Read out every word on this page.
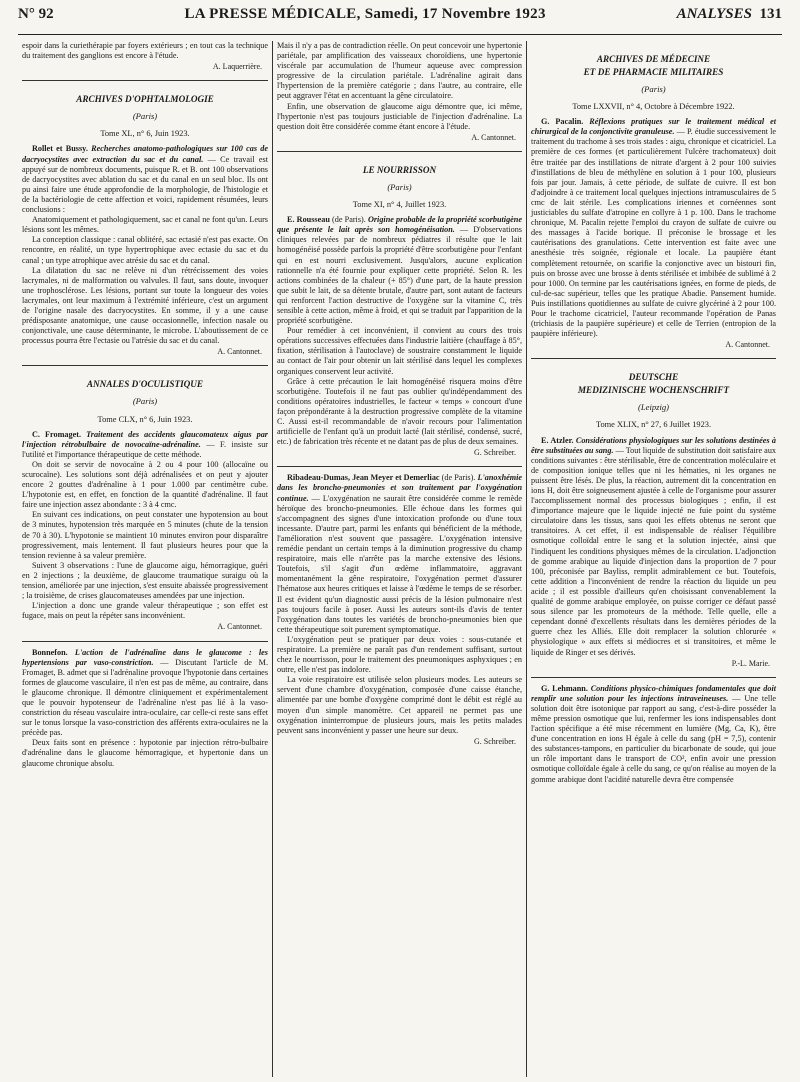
N° 92	LA PRESSE MÉDICALE, Samedi, 17 Novembre 1923	ANALYSES 131

espoir dans la curiethérapie par foyers extérieurs ; en tout cas la technique du traitement des ganglions est encore à l'étude.

A. Laquerrière.
ARCHIVES D'OPHTALMOLOGIE
(Paris)
Tome XL, n° 6, Juin 1923.

Rollet et Bussy. Recherches anatomo-pathologiques sur 100 cas de dacryocystites avec extraction du sac et du canal. — Ce travail est appuyé sur de nombreux documents, puisque R. et B. ont 100 observations de dacryocystites avec ablation du sac et du canal en un seul bloc. Ils ont pu ainsi faire une étude approfondie de la morphologie, de l'histologie et de la bactériologie de cette affection et voici, rapidement résumées, leurs conclusions :

Anatomiquement et pathologiquement, sac et canal ne font qu'un. Leurs lésions sont les mêmes.

La conception classique : canal oblitéré, sac ectasié n'est pas exacte. On rencontre, en réalité, un type hypertrophique avec ectasie du sac et du canal ; un type atrophique avec atrésie du sac et du canal.

La dilatation du sac ne relève ni d'un rétrécissement des voies lacrymales, ni de malformation ou valvules. Il faut, sans doute, invoquer une trophosclérose. Les lésions, portant sur toute la longueur des voies lacrymales, ont leur maximum à l'extrémité inférieure, c'est un argument de l'origine nasale des dacryocystites. En somme, il y a une cause prédisposante anatomique, une cause occasionnelle, infection nasale ou conjonctivale, une cause déterminante, le microbe. L'aboutissement de ce processus pourra être l'ectasie ou l'atrésie du sac et du canal.

A. Cantonnet.
ANNALES D'OCULISTIQUE
(Paris)
Tome CLX, n° 6, Juin 1923.

C. Fromaget. Traitement des accidents glaucomateux aigus par l'injection rétrobulbaire de novocaïne-adrénaline. — F. insiste sur l'utilité et l'importance thérapeutique de cette méthode.

On doit se servir de novocaïne à 2 ou 4 pour 100 (allocaïne ou scurocaïne). Les solutions sont déjà adrénalisées et on peut y ajouter encore 2 gouttes d'adrénaline à 1 pour 1.000 par centimètre cube. L'hypotonie est, en effet, en fonction de la quantité d'adrénaline. Il faut faire une injection assez abondante : 3 à 4 cmc.

En suivant ces indications, on peut constater une hypotension au bout de 3 minutes, hypotension très marquée en 5 minutes (chute de la tension de 70 à 30). L'hypotonie se maintient 10 minutes environ pour disparaître progressivement, mais lentement. Il faut plusieurs heures pour que la tension revienne à sa valeur première.

Suivent 3 observations : l'une de glaucome aigu, hémorragique, guéri en 2 injections ; la deuxième, de glaucome traumatique suraigu où la tension, améliorée par une injection, s'est ensuite abaissée progressivement ; la troisième, de crises glaucomateuses amendées par une injection.

L'injection a donc une grande valeur thérapeutique ; son effet est fugace, mais on peut la répéter sans inconvénient.

A. Cantonnet.

Bonnefon. L'action de l'adrénaline dans le glaucome : les hypertensions par vaso-constriction. — Discutant l'article de M. Fromaget, B. admet que si l'adrénaline provoque l'hypotonie dans certaines formes de glaucome vasculaire, il n'en est pas de même, au contraire, dans le glaucome chronique. Il démontre cliniquement et expérimentalement que le pouvoir hypotenseur de l'adrénaline n'est pas lié à la vaso-constriction du réseau vasculaire intra-oculaire, car celle-ci reste sans effet sur le tonus lorsque la vaso-constriction des afférents extra-oculaires ne la précède pas.

Deux faits sont en présence : hypotonie par injection rétro-bulbaire d'adrénaline dans le glaucome hémorragique, et hypertonie dans un glaucome chronique absolu.

Mais il n'y a pas de contradiction réelle. On peut concevoir une hypertonie pariétale, par amplification des vaisseaux choroïdiens, une hypertonie viscérale par accumulation de l'humeur aqueuse avec compression progressive de la circulation pariétale. L'adrénaline agirait dans l'hypertension de la première catégorie ; dans l'autre, au contraire, elle peut aggraver l'état en accentuant la gêne circulatoire.

Enfin, une observation de glaucome aigu démontre que, ici même, l'hypertonie n'est pas toujours justiciable de l'injection d'adrénaline. La question doit être considérée comme étant encore à l'étude.

A. Cantonnet.
LE NOURRISSON
(Paris)
Tome XI, n° 4, Juillet 1923.

E. Rousseau (de Paris). Origine probable de la propriété scorbutigène que présente le lait après son homogénéisation. — D'observations cliniques relevées par de nombreux pédiatres il résulte que le lait homogénéisé possède parfois la propriété d'être scorbutigène pour l'enfant qui en est nourri exclusivement. Jusqu'alors, aucune explication rationnelle n'a été fournie pour expliquer cette propriété. Selon R. les actions combinées de la chaleur (+ 85°) d'une part, de la haute pression que subit le lait, de sa détente brutale, d'autre part, sont autant de facteurs qui renforcent l'action destructive de l'oxygène sur la vitamine C, très sensible à cette action, même à froid, et qui se traduit par l'apparition de la propriété scorbutigène.

Pour remédier à cet inconvénient, il convient au cours des trois opérations successives effectuées dans l'industrie laitière (chauffage à 85°, fixation, stérilisation à l'autoclave) de soustraire constamment le liquide au contact de l'air pour obtenir un lait stérilisé dans lequel les complexes organiques conservent leur activité.

Grâce à cette précaution le lait homogénéisé risquera moins d'être scorbutigène. Toutefois il ne faut pas oublier qu'indépendamment des conditions opératoires industrielles, le facteur « temps » concourt d'une façon prépondérante à la destruction progressive complète de la vitamine C. Aussi est-il recommandable de n'avoir recours pour l'alimentation artificielle de l'enfant qu'à un produit lacté (lait stérilisé, condensé, sucré, etc.) de fabrication très récente et ne datant pas de plus de deux semaines.

G. Schreiber.

Ribadeau-Dumas, Jean Meyer et Demerliac (de Paris). L'anoxhémie dans les broncho-pneumonies et son traitement par l'oxygénation continue. — L'oxygénation ne saurait être considérée comme le remède héroïque des broncho-pneumonies. Elle échoue dans les formes qui s'accompagnent des signes d'une intoxication profonde ou d'une toux incessante. D'autre part, parmi les enfants qui bénéficient de la méthode, l'amélioration n'est souvent que passagère. L'oxygénation intensive remédie pendant un certain temps à la diminution progressive du champ respiratoire, mais elle n'arrête pas la marche extensive des lésions. Toutefois, s'il s'agit d'un œdème inflammatoire, aggravant momentanément la gêne respiratoire, l'oxygénation permet d'assurer l'hématose aux heures critiques et laisse à l'œdème le temps de se résorber. Il est évident qu'un diagnostic aussi précis de la lésion pulmonaire n'est pas toujours facile à poser. Aussi les auteurs sont-ils d'avis de tenter l'oxygénation dans toutes les variétés de broncho-pneumonies bien que cette thérapeutique soit purement symptomatique.

L'oxygénation peut se pratiquer par deux voies : sous-cutanée et respiratoire. La première ne paraît pas d'un rendement suffisant, surtout chez le nourrisson, pour le traitement des pneumoniques asphyxiques ; en outre, elle n'est pas indolore.

La voie respiratoire est utilisée selon plusieurs modes. Les auteurs se servent d'une chambre d'oxygénation, composée d'une caisse étanche, alimentée par une bombe d'oxygène comprimé dont le débit est réglé au moyen d'un simple manomètre. Cet appareil ne permet pas une oxygénation ininterrompue de plusieurs jours, mais les petits malades peuvent sans inconvénient y passer une heure sur deux.

G. Schreiber.
ARCHIVES DE MÉDECINE
ET DE PHARMACIE MILITAIRES
(Paris)
Tome LXXVII, n° 4, Octobre à Décembre 1922.

G. Pacalin. Réflexions pratiques sur le traitement médical et chirurgical de la conjonctivite granuleuse. — P. étudie successivement le traitement du trachome à ses trois stades : aigu, chronique et cicatriciel. La première de ces formes (et particulièrement l'ulcère trachomateux) doit être traitée par des instillations de nitrate d'argent à 2 pour 100 suivies d'instillations de bleu de méthylène en solution à 1 pour 100, plusieurs fois par jour. Jamais, à cette période, de sulfate de cuivre. Il est bon d'adjoindre à ce traitement local quelques injections intramusculaires de 5 cmc de lait stérile. Les complications iriennes et cornéennes sont justiciables du sulfate d'atropine en collyre à 1 p. 100. Dans le trachome chronique, M. Pacalin rejette l'emploi du crayon de sulfate de cuivre ou des massages à l'acide borique. Il préconise le brossage et les cautérisations des granulations. Cette intervention est faite avec une anesthésie très soignée, régionale et locale. La paupière étant complètement retournée, on scarifie la conjonctive avec un bistouri fin, puis on brosse avec une brosse à dents stérilisée et imbibée de sublimé à 2 pour 1000. On termine par les cautérisations ignées, en forme de pieds, de cul-de-sac supérieur, telles que les pratique Abadie. Pansement humide. Puis instillations quotidiennes au sulfate de cuivre glycériné à 2 pour 100. Pour le trachome cicatriciel, l'auteur recommande l'opération de Panas (trichiasis de la paupière supérieure) et celle de Terrien (entropion de la paupière inférieure).

A. Cantonnet.
DEUTSCHE
MEDIZINISCHE WOCHENSCHRIFT
(Leipzig)
Tome XLIX, n° 27, 6 Juillet 1923.

E. Atzler. Considérations physiologiques sur les solutions destinées à être substituées au sang. — Tout liquide de substitution doit satisfaire aux conditions suivantes : être stérilisable, être de concentration moléculaire et de composition ionique telles que ni les hématies, ni les organes ne puissent être lésés. De plus, la réaction, autrement dit la concentration en ions H, doit être soigneusement ajustée à celle de l'organisme pour assurer l'accomplissement normal des processus biologiques ; enfin, il est d'importance majeure que le liquide injecté ne fuie point du système circulatoire dans les tissus, sans quoi les effets obtenus ne seront que transitoires. A cet effet, il est indispensable de réaliser l'équilibre osmotique colloïdal entre le sang et la solution injectée, ainsi que l'indiquent les conditions physiques mêmes de la circulation. L'adjonction de gomme arabique au liquide d'injection dans la proportion de 7 pour 100, préconisée par Bayliss, remplit admirablement ce but. Toutefois, cette addition a l'inconvénient de rendre la réaction du liquide un peu acide ; il est possible d'ailleurs qu'en choisissant convenablement la qualité de gomme arabique employée, on puisse corriger ce défaut passé sous silence par les promoteurs de la méthode. Telle quelle, elle a cependant donné d'excellents résultats dans les dernières périodes de la guerre chez les Alliés. Elle doit remplacer la solution chlorurée « physiologique » aux effets si médiocres et si transitoires, et même le liquide de Ringer et ses dérivés.

P.-L. Marie.

G. Lehmann. Conditions physico-chimiques fondamentales que doit remplir une solution pour les injections intraveineuses. — Une telle solution doit être isotonique par rapport au sang, c'est-à-dire posséder la même pression osmotique que lui, renfermer les ions indispensables dont l'action spécifique a été mise récemment en lumière (Mg, Ca, K), être d'une concentration en ions H égale à celle du sang (pH = 7,5), contenir des substances-tampons, en particulier du bicarbonate de soude, qui joue un rôle important dans le transport de CO², enfin avoir une pression osmotique colloïdale égale à celle du sang, ce qu'on réalise au moyen de la gomme arabique dont l'acidité naturelle devra être compensée
